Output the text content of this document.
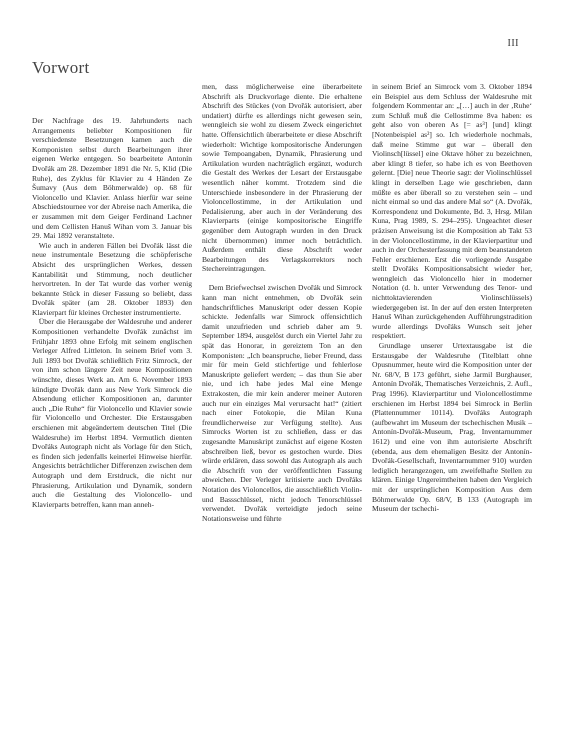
III
Vorwort

Der Nachfrage des 19. Jahrhunderts nach Arrangements beliebter Kompositionen für verschiedenste Besetzungen kamen auch die Komponisten selbst durch Bearbeitungen ihrer eigenen Werke entgegen. So bearbeitete Antonín Dvořák am 28. Dezember 1891 die Nr. 5, Klid (Die Ruhe), des Zyklus für Klavier zu 4 Händen Ze Šumavy (Aus dem Böhmerwalde) op. 68 für Violoncello und Klavier. Anlass hierfür war seine Abschiedstournee vor der Abreise nach Amerika, die er zusammen mit dem Geiger Ferdinand Lachner und dem Cellisten Hanuš Wihan vom 3. Januar bis 29. Mai 1892 veranstaltete.

Wie auch in anderen Fällen bei Dvořák lässt die neue instrumentale Besetzung die schöpferische Absicht des ursprünglichen Werkes, dessen Kantabilität und Stimmung, noch deutlicher hervortreten. In der Tat wurde das vorher wenig bekannte Stück in dieser Fassung so beliebt, dass Dvořák später (am 28. Oktober 1893) den Klavierpart für kleines Orchester instrumentierte.

Über die Herausgabe der Waldesruhe und anderer Kompositionen verhandelte Dvořák zunächst im Frühjahr 1893 ohne Erfolg mit seinem englischen Verleger Alfred Littleton. In seinem Brief vom 3. Juli 1893 bot Dvořák schließlich Fritz Simrock, der von ihm schon längere Zeit neue Kompositionen wünschte, dieses Werk an. Am 6. November 1893 kündigte Dvořák dann aus New York Simrock die Absendung etlicher Kompositionen an, darunter auch „Die Ruhe“ für Violoncello und Klavier sowie für Violoncello und Orchester. Die Erstausgaben erschienen mit abgeändertem deutschen Titel (Die Waldesruhe) im Herbst 1894. Vermutlich dienten Dvořáks Autograph nicht als Vorlage für den Stich, es finden sich jedenfalls keinerlei Hinweise hierfür. Angesichts beträchtlicher Differenzen zwischen dem Autograph und dem Erstdruck, die nicht nur Phrasierung, Artikulation und Dynamik, sondern auch die Gestaltung des Violoncello- und Klavierparts betreffen, kann man anneh-

men, dass möglicherweise eine überarbeitete Abschrift als Druckvorlage diente. Die erhaltene Abschrift des Stückes (von Dvořák autorisiert, aber undatiert) dürfte es allerdings nicht gewesen sein, wenngleich sie wohl zu diesem Zweck eingerichtet hatte. Offensichtlich überarbeitete er diese Abschrift wiederholt: Wichtige kompositorische Änderungen sowie Tempoangaben, Dynamik, Phrasierung und Artikulation wurden nachträglich ergänzt, wodurch die Gestalt des Werkes der Lesart der Erstausgabe wesentlich näher kommt. Trotzdem sind die Unterschiede insbesondere in der Phrasierung der Violoncellostimme, in der Artikulation und Pedalisierung, aber auch in der Veränderung des Klavierparts (einige kompositorische Eingriffe gegenüber dem Autograph wurden in den Druck nicht übernommen) immer noch beträchtlich. Außerdem enthält diese Abschrift weder Bearbeitungen des Verlagskorrektors noch Stechereintragungen.

Dem Briefwechsel zwischen Dvořák und Simrock kann man nicht entnehmen, ob Dvořák sein handschriftliches Manuskript oder dessen Kopie schickte. Jedenfalls war Simrock offensichtlich damit unzufrieden und schrieb daher am 9. September 1894, ausgelöst durch ein Viertel Jahr zu spät das Honorar, in gereiztem Ton an den Komponisten: „Ich beanspruche, lieber Freund, dass mir für mein Geld stichfertige und fehlerlose Manuskripte geliefert werden; – das thun Sie aber nie, und ich habe jedes Mal eine Menge Extrakosten, die mir kein anderer meiner Autoren auch nur ein einziges Mal verursacht hat!“ (zitiert nach einer Fotokopie, die Milan Kuna freundlicherweise zur Verfügung stellte). Aus Simrocks Worten ist zu schließen, dass er das zugesandte Manuskript zunächst auf eigene Kosten abschreiben ließ, bevor es gestochen wurde. Dies würde erklären, dass sowohl das Autograph als auch die Abschrift von der veröffentlichten Fassung abweichen. Der Verleger kritisierte auch Dvořáks Notation des Violoncellos, die ausschließlich Violin- und Bassschlüssel, nicht jedoch Tenorschlüssel verwendet. Dvořák verteidigte jedoch seine Notationsweise und führte

in seinem Brief an Simrock vom 3. Oktober 1894 ein Beispiel aus dem Schluss der Waldesruhe mit folgendem Kommentar an: „[…] auch in der ‚Ruhe‘ zum Schluß muß die Cellostimme 8va haben: es geht also von oberen As [= as³] [und] klingt [Notenbeispiel as²] so. Ich wiederhole nochmals, daß meine Stimme gut war – überall den Violinsch[lüssel] eine Oktave höher zu bezeichnen, aber klingt 8 tiefer, so habe ich es von Beethoven gelernt. [Die] neue Theorie sagt: der Violinschlüssel klingt in derselben Lage wie geschrieben, dann müßte es aber überall so zu verstehen sein – und nicht einmal so und das andere Mal so“ (A. Dvořák, Korrespondenz und Dokumente, Bd. 3, Hrsg. Milan Kuna, Prag 1989, S. 294–295). Ungeachtet dieser präzisen Anweisung ist die Komposition ab Takt 53 in der Violoncellostimme, in der Klavierpartitur und auch in der Orchesterfassung mit dem beanstandeten Fehler erschienen. Erst die vorliegende Ausgabe stellt Dvořáks Kompositionsabsicht wieder her, wenngleich das Violoncello hier in moderner Notation (d. h. unter Verwendung des Tenor- und nichttoktavierenden Violinschlüssels) wiedergegeben ist. In der auf den ersten Interpreten Hanuš Wihan zurückgehenden Aufführungstradition wurde allerdings Dvořáks Wunsch seit jeher respektiert.

Grundlage unserer Urtextausgabe ist die Erstausgabe der Waldesruhe (Titelblatt ohne Opusnummer, heute wird die Komposition unter der Nr. 68/V, B 173 geführt, siehe Jarmil Burghauser, Antonín Dvořák, Thematisches Verzeichnis, 2. Aufl., Prag 1996). Klavierpartitur und Violoncellostimme erschienen im Herbst 1894 bei Simrock in Berlin (Plattennummer 10114). Dvořáks Autograph (aufbewahrt im Museum der tschechischen Musik – Antonín-Dvořák-Museum, Prag, Inventarnummer 1612) und eine von ihm autorisierte Abschrift (ebenda, aus dem ehemaligen Besitz der Antonín-Dvořák-Gesellschaft, Inventarnummer 910) wurden lediglich herangezogen, um zweifelhafte Stellen zu klären. Einige Ungereimtheiten haben den Vergleich mit der ursprünglichen Komposition Aus dem Böhmerwalde Op. 68/V, B 133 (Autograph im Museum der tschechi-
